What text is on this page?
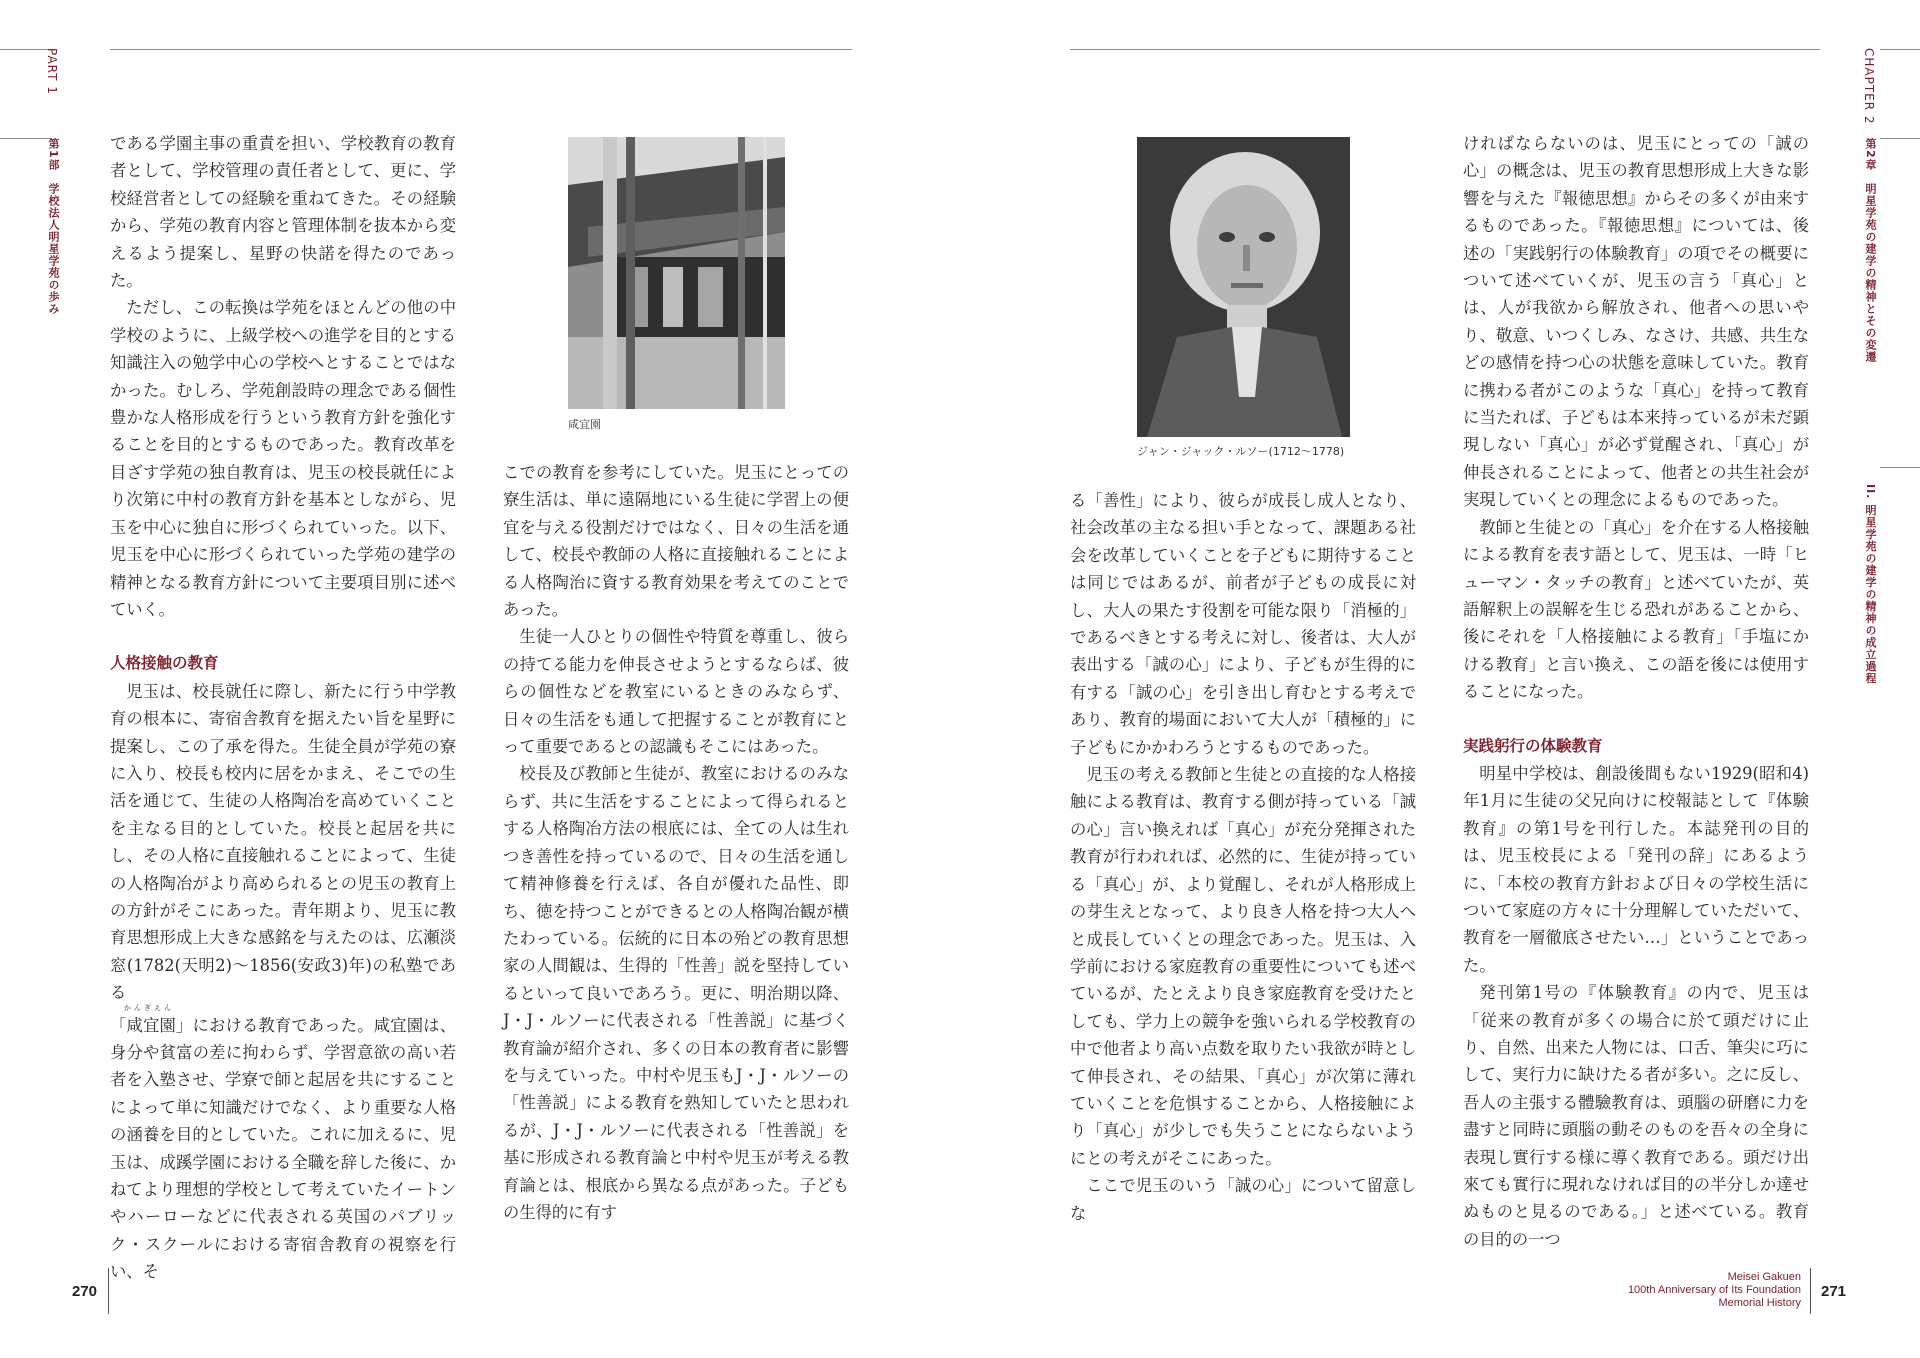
PART 1
第1部　学校法人明星学苑の歩み	である学園主事の重責を担い、学校教育の教育者として、学校管理の責任者として、更に、学校経営者としての経験を重ねてきた。その経験から、学苑の教育内容と管理体制を抜本から変えるよう提案し、星野の快諾を得たのであった。

ただし、この転換は学苑をほとんどの他の中学校のように、上級学校への進学を目的とする知識注入の勉学中心の学校へとすることではなかった。むしろ、学苑創設時の理念である個性豊かな人格形成を行うという教育方針を強化することを目的とするものであった。教育改革を目ざす学苑の独自教育は、児玉の校長就任により次第に中村の教育方針を基本としながら、児玉を中心に独自に形づくられていった。以下、児玉を中心に形づくられていった学苑の建学の精神となる教育方針について主要項目別に述べていく。

人格接触の教育

児玉は、校長就任に際し、新たに行う中学教育の根本に、寄宿舎教育を据えたい旨を星野に提案し、この了承を得た。生徒全員が学苑の寮に入り、校長も校内に居をかまえ、そこでの生活を通じて、生徒の人格陶冶を高めていくことを主なる目的としていた。校長と起居を共にし、その人格に直接触れることによって、生徒の人格陶冶がより高められるとの児玉の教育上の方針がそこにあった。青年期より、児玉に教育思想形成上大きな感銘を与えたのは、広瀬淡窓(1782(天明2)～1856(安政3)年)の私塾である

かんぎえん

「咸宜園」における教育であった。咸宜園は、身分や貧富の差に拘わらず、学習意欲の高い若者を入塾させ、学寮で師と起居を共にすることによって単に知識だけでなく、より重要な人格の涵養を目的としていた。これに加えるに、児玉は、成蹊学園における全職を辞した後に、かねてより理想的学校として考えていたイートンやハーローなどに代表される英国のパブリック・スクールにおける寄宿舎教育の視察を行い、そ

咸宜園

こでの教育を参考にしていた。児玉にとっての寮生活は、単に遠隔地にいる生徒に学習上の便宜を与える役割だけではなく、日々の生活を通して、校長や教師の人格に直接触れることによる人格陶治に資する教育効果を考えてのことであった。

生徒一人ひとりの個性や特質を尊重し、彼らの持てる能力を伸長させようとするならば、彼らの個性などを教室にいるときのみならず、日々の生活をも通して把握することが教育にとって重要であるとの認識もそこにはあった。

校長及び教師と生徒が、教室におけるのみならず、共に生活をすることによって得られるとする人格陶冶方法の根底には、全ての人は生れつき善性を持っているので、日々の生活を通して精神修養を行えば、各自が優れた品性、即ち、徳を持つことができるとの人格陶冶観が横たわっている。伝統的に日本の殆どの教育思想家の人間観は、生得的「性善」説を堅持しているといって良いであろう。更に、明治期以降、J・J・ルソーに代表される「性善説」に基づく教育論が紹介され、多くの日本の教育者に影響を与えていった。中村や児玉もJ・J・ルソーの「性善説」による教育を熟知していたと思われるが、J・J・ルソーに代表される「性善説」を基に形成される教育論と中村や児玉が考える教育論とは、根底から異なる点があった。子どもの生得的に有す

270
CHAPTER 2
第2章　明星学苑の建学の精神とその変遷
II. 明星学苑の建学の精神の成立過程
ジャン・ジャック・ルソー(1712～1778)

る「善性」により、彼らが成長し成人となり、社会改革の主なる担い手となって、課題ある社会を改革していくことを子どもに期待することは同じではあるが、前者が子どもの成長に対し、大人の果たす役割を可能な限り「消極的」であるべきとする考えに対し、後者は、大人が表出する「誠の心」により、子どもが生得的に有する「誠の心」を引き出し育むとする考えであり、教育的場面において大人が「積極的」に子どもにかかわろうとするものであった。

児玉の考える教師と生徒との直接的な人格接触による教育は、教育する側が持っている「誠の心」言い換えれば「真心」が充分発揮された教育が行われれば、必然的に、生徒が持っている「真心」が、より覚醒し、それが人格形成上の芽生えとなって、より良き人格を持つ大人へと成長していくとの理念であった。児玉は、入学前における家庭教育の重要性についても述べているが、たとえより良き家庭教育を受けたとしても、学力上の競争を強いられる学校教育の中で他者より高い点数を取りたい我欲が時として伸長され、その結果、「真心」が次第に薄れていくことを危惧することから、人格接触により「真心」が少しでも失うことにならないようにとの考えがそこにあった。

ここで児玉のいう「誠の心」について留意しな

ければならないのは、児玉にとっての「誠の心」の概念は、児玉の教育思想形成上大きな影響を与えた『報徳思想』からその多くが由来するものであった。『報徳思想』については、後述の「実践躬行の体験教育」の項でその概要について述べていくが、児玉の言う「真心」とは、人が我欲から解放され、他者への思いやり、敬意、いつくしみ、なさけ、共感、共生などの感情を持つ心の状態を意味していた。教育に携わる者がこのような「真心」を持って教育に当たれば、子どもは本来持っているが未だ顕現しない「真心」が必ず覚醒され、「真心」が伸長されることによって、他者との共生社会が実現していくとの理念によるものであった。

教師と生徒との「真心」を介在する人格接触による教育を表す語として、児玉は、一時「ヒューマン・タッチの教育」と述べていたが、英語解釈上の誤解を生じる恐れがあることから、後にそれを「人格接触による教育」「手塩にかける教育」と言い換え、この語を後には使用することになった。

実践躬行の体験教育

明星中学校は、創設後間もない1929(昭和4)年1月に生徒の父兄向けに校報誌として『体験教育』の第1号を刊行した。本誌発刊の目的は、児玉校長による「発刊の辞」にあるように、「本校の教育方針および日々の学校生活について家庭の方々に十分理解していただいて、教育を一層徹底させたい…」ということであった。

発刊第1号の『体験教育』の内で、児玉は「従来の教育が多くの場合に於て頭だけに止り、自然、出来た人物には、口舌、筆尖に巧にして、実行力に缺けたる者が多い。之に反し、吾人の主張する體驗教育は、頭腦の研磨に力を盡すと同時に頭腦の動そのものを吾々の全身に表現し實行する様に導く教育である。頭だけ出來ても實行に現れなければ目的の半分しか達せぬものと見るのである。」と述べている。教育の目的の一つ

Meisei Gakuen
100th Anniversary of Its Foundation
Memorial History
271
